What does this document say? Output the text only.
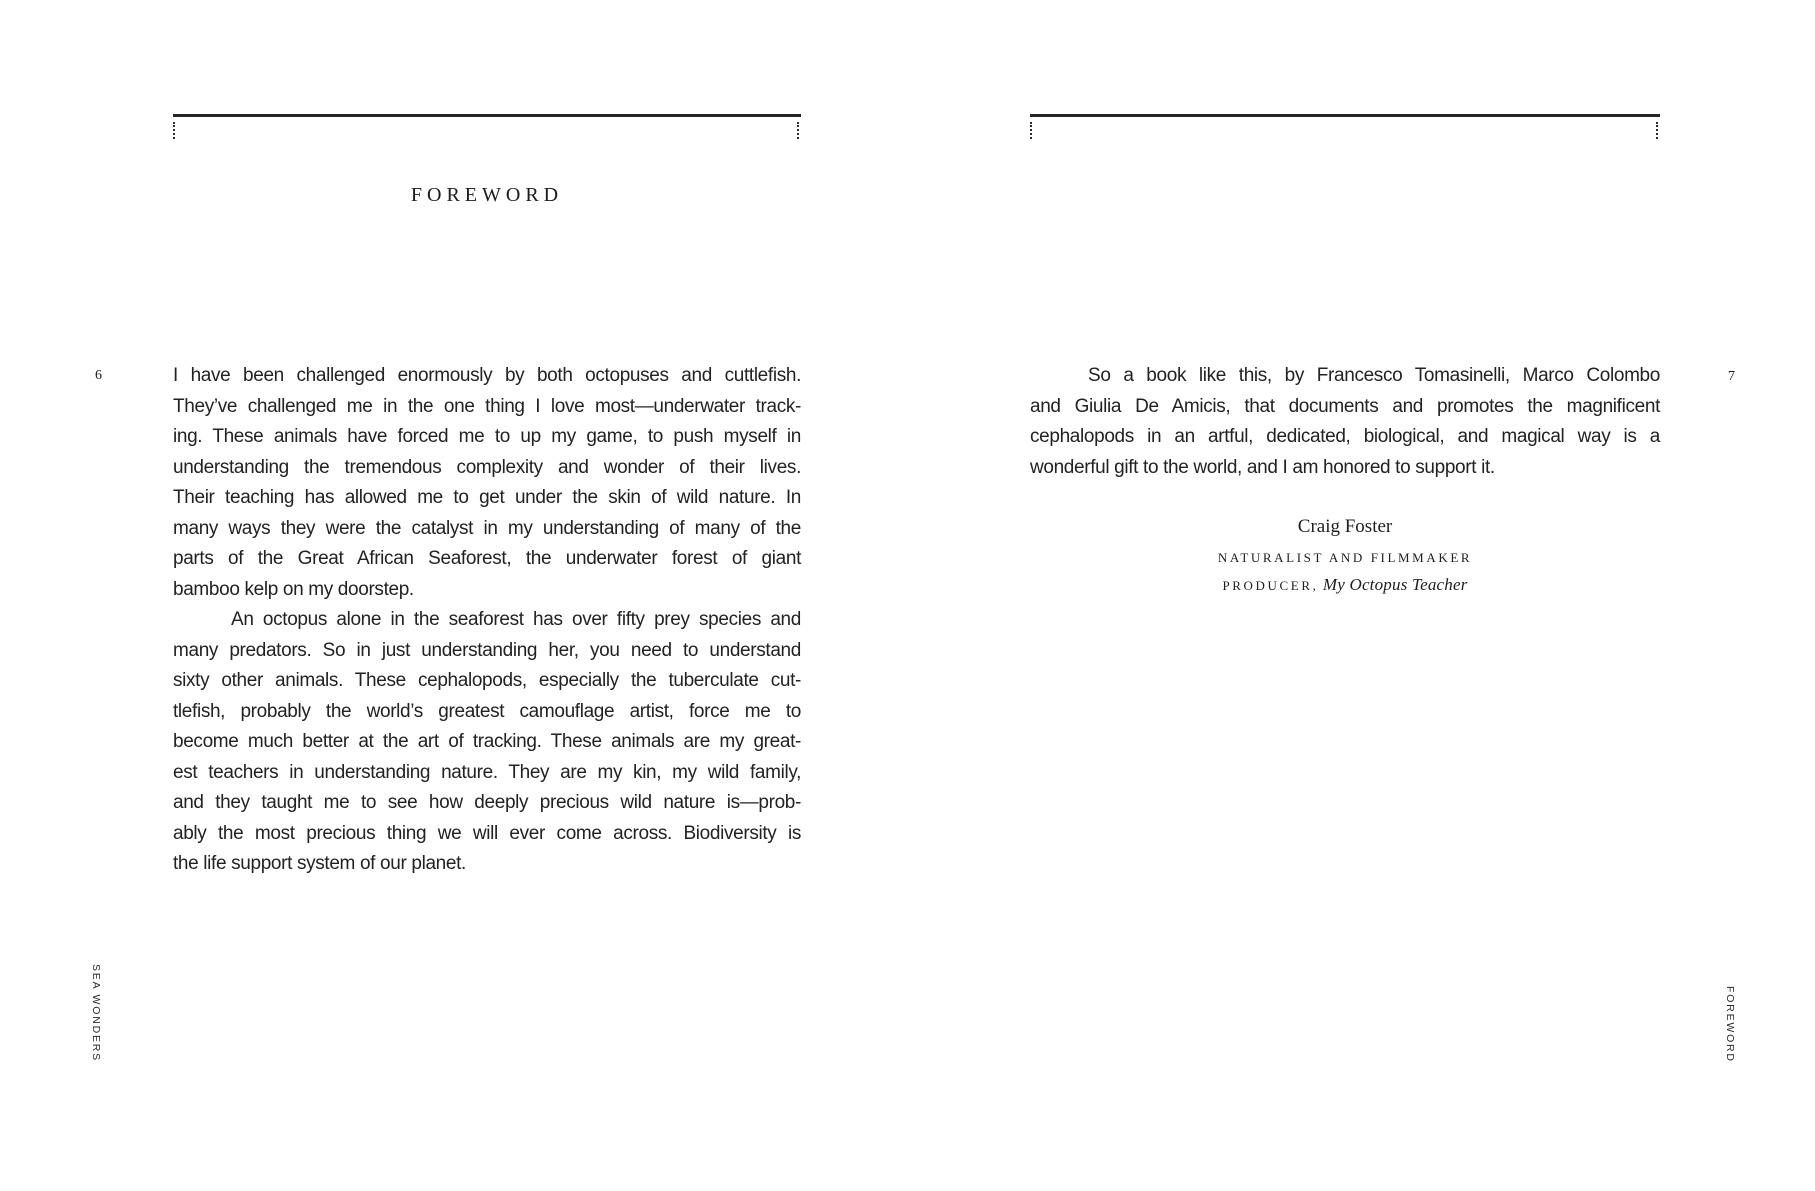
FOREWORD
6	I have been challenged enormously by both octopuses and cuttlefish.
They’ve challenged me in the one thing I love most—underwater track-
ing. These animals have forced me to up my game, to push myself in
understanding the tremendous complexity and wonder of their lives.
Their teaching has allowed me to get under the skin of wild nature. In
many ways they were the catalyst in my understanding of many of the
parts of the Great African Seaforest, the underwater forest of giant
bamboo kelp on my doorstep.
An octopus alone in the seaforest has over fifty prey species and
many predators. So in just understanding her, you need to understand
sixty other animals. These cephalopods, especially the tuberculate cut-
tlefish, probably the world’s greatest camouflage artist, force me to
become much better at the art of tracking. These animals are my great-
est teachers in understanding nature. They are my kin, my wild family,
and they taught me to see how deeply precious wild nature is—prob-
ably the most precious thing we will ever come across. Biodiversity is
the life support system of our planet.
SEA WONDERS
7
So a book like this, by Francesco Tomasinelli, Marco Colombo
and Giulia De Amicis, that documents and promotes the magnificent
cephalopods in an artful, dedicated, biological, and magical way is a
wonderful gift to the world, and I am honored to support it.
Craig Foster
NATURALIST AND FILMMAKER
PRODUCER, My Octopus Teacher
FOREWORD
